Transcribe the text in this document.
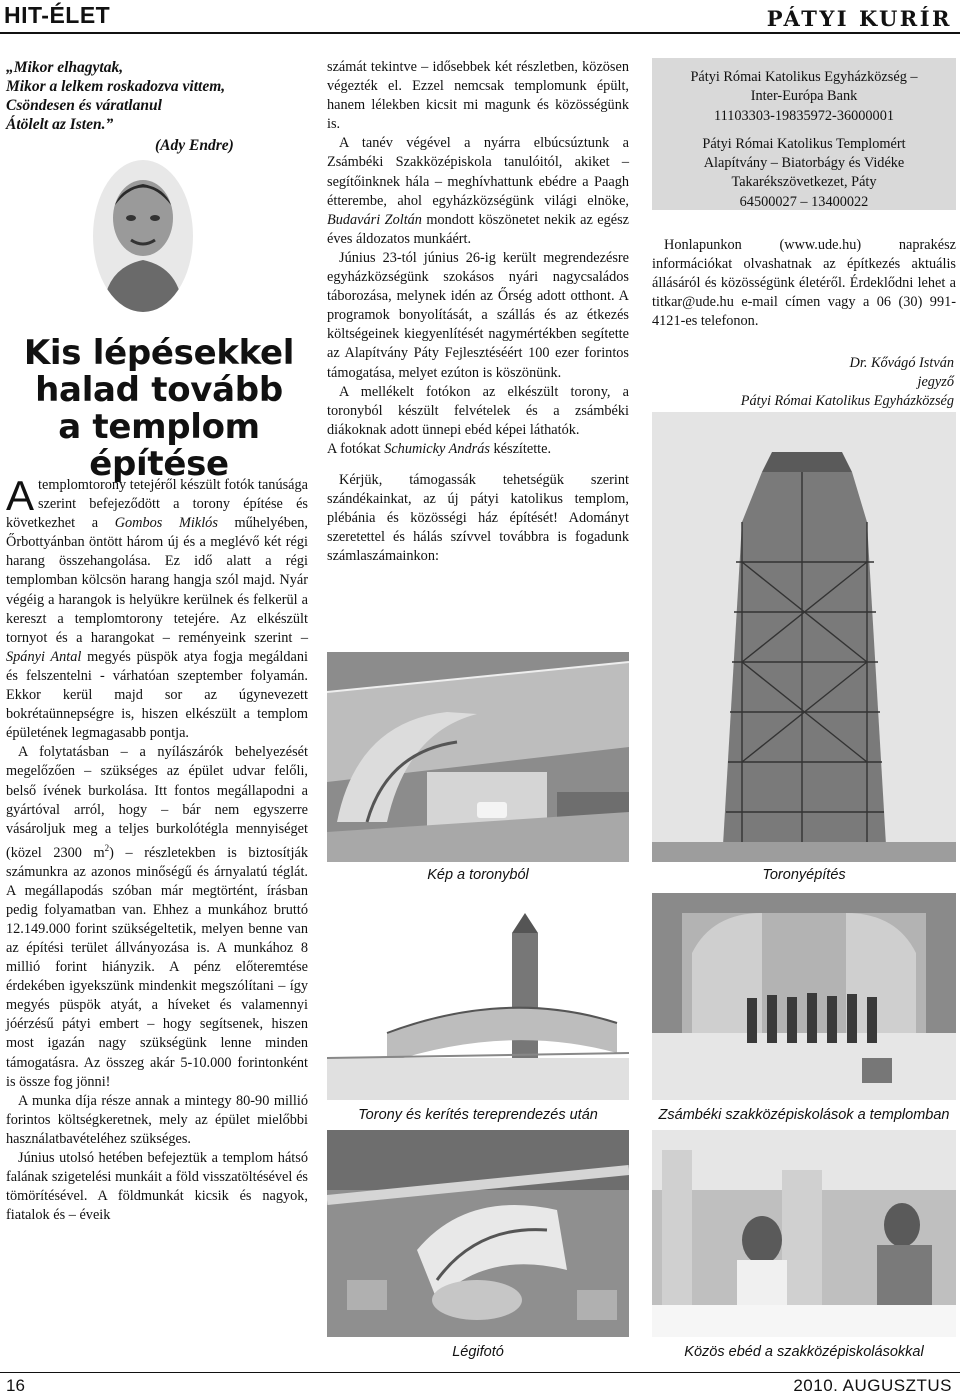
HIT-ÉLET	PÁTYI KURÍR
„Mikor elhagytak,
Mikor a lelkem roskadozva vittem,
Csöndesen és váratlanul
Átölelt az Isten.”
(Ady Endre)
Kis lépésekkel
halad tovább
a templom építése

Atemplomtorony tetejéről készült fotók tanúsága szerint befejeződött a torony építése és következhet a Gombos Miklós műhelyében, Őrbottyánban öntött három új és a meglévő két régi harang összehangolása. Ez idő alatt a régi templomban kölcsön harang hangja szól majd. Nyár végéig a harangok is helyükre kerülnek és felkerül a kereszt a templomtorony tetejére. Az elkészült tornyot és a harangokat – reményeink szerint – Spányi Antal megyés püspök atya fogja megáldani és felszentelni - várhatóan szeptember folyamán. Ekkor kerül majd sor az úgynevezett bokrétaünnepségre is, hiszen elkészült a templom épületének legmagasabb pontja.

A folytatásban – a nyílászárók behelyezését megelőzően – szükséges az épület udvar felőli, belső ívének burkolása. Itt fontos megállapodni a gyártóval arról, hogy – bár nem egyszerre vásároljuk meg a teljes burkolótégla mennyiséget (közel 2300 $m^2$) – részletekben is biztosítják számunkra az azonos minőségű és árnyalatú téglát. A megállapodás szóban már megtörtént, írásban pedig folyamatban van. Ehhez a munkához bruttó 12.149.000 forint szükségeltetik, melyen benne van az építési terület állványozása is. A munkához 8 millió forint hiányzik. A pénz előteremtése érdekében igyekszünk mindenkit megszólítani – így megyés püspök atyát, a híveket és valamennyi jóérzésű pátyi embert – hogy segítsenek, hiszen most igazán nagy szükségünk lenne minden támogatásra. Az összeg akár 5-10.000 forintonként is össze fog jönni!

A munka díja része annak a mintegy 80-90 millió forintos költségkeretnek, mely az épület mielőbbi használatbavételéhez szükséges.

Június utolsó hetében befejeztük a templom hátsó falának szigetelési munkáit a föld visszatöltésével és tömörítésével. A földmunkát kicsik és nagyok, fiatalok és – éveik

számát tekintve – idősebbek két részletben, közösen végezték el. Ezzel nemcsak templomunk épült, hanem lélekben kicsit mi magunk és közösségünk is.

A tanév végével a nyárra elbúcsúztunk a Zsámbéki Szakközépiskola tanulóitól, akiket – segítőinknek hála – meghívhattunk ebédre a Paagh étterembe, ahol egyházközségünk világi elnöke, Budavári Zoltán mondott köszönetet nekik az egész éves áldozatos munkáért.

Június 23-tól június 26-ig került megrendezésre egyházközségünk szokásos nyári nagycsaládos táborozása, melynek idén az Őrség adott otthont. A programok bonyolítását, a szállás és az étkezés költségeinek kiegyenlítését nagymértékben segítette az Alapítvány Páty Fejlesztéséért 100 ezer forintos támogatása, melyet ezúton is köszönünk.

A mellékelt fotókon az elkészült torony, a toronyból készült felvételek és a zsámbéki diákoknak adott ünnepi ebéd képei láthatók.

A fotókat Schumicky András készítette.

Kérjük, támogassák tehetségük szerint szándékainkat, az új pátyi katolikus templom, plébánia és közösségi ház építését! Adományt szeretettel és hálás szívvel továbbra is fogadunk számlaszámainkon:

Pátyi Római Katolikus Egyházközség –
Inter-Európa Bank
11103303-19835972-36000001
Pátyi Római Katolikus Templomért
Alapítvány – Biatorbágy és Vidéke
Takarékszövetkezet, Páty
64500027 – 13400022

Honlapunkon (www.ude.hu) naprakész információkat olvashatnak az építkezés aktuális állásáról és közösségünk életéről. Érdeklődni lehet a titkar@ude.hu e-mail címen vagy a 06 (30) 991-4121-es telefonon.

Dr. Kővágó István
jegyző
Pátyi Római Katolikus Egyházközség
Kép a toronyból	Toronyépítés
Torony és kerítés tereprendezés után	Zsámbéki szakközépiskolások a templomban
Légifotó	Közös ebéd a szakközépiskolásokkal
16	2010. AUGUSZTUS
